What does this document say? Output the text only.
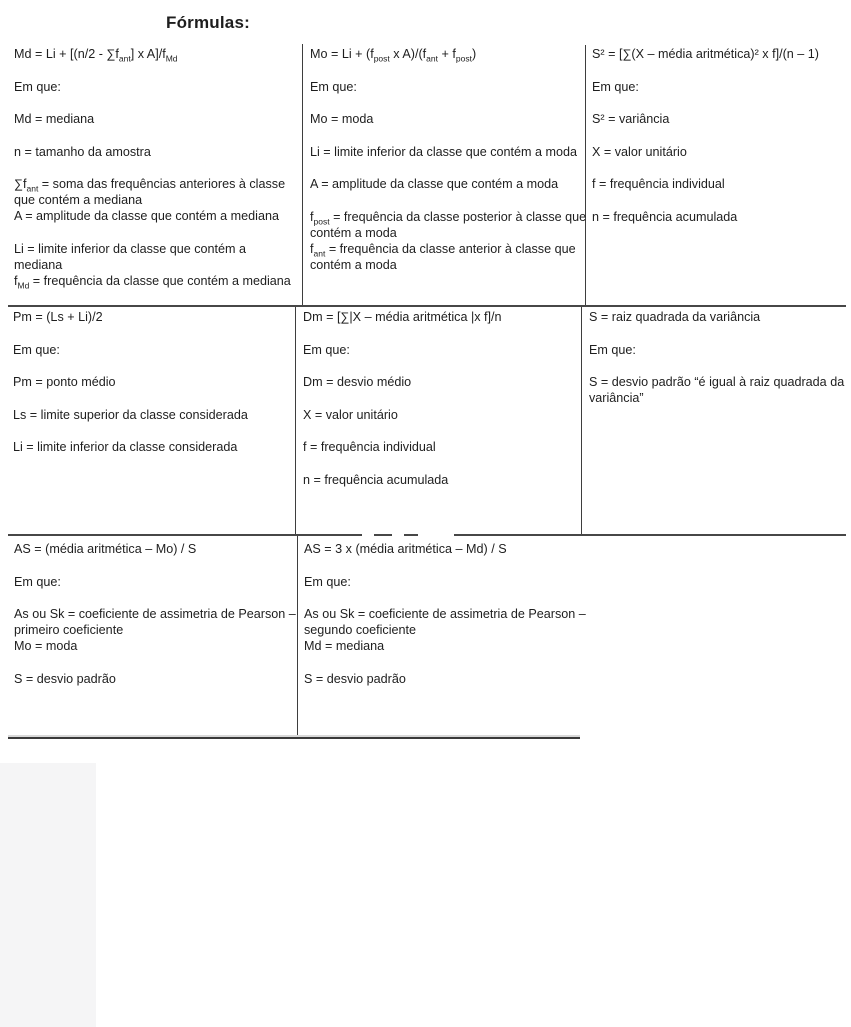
Fórmulas:
$Md = Li + [(n/2 - \sum f_{ant}]$ x $A]/f_{Md}$
Em que:
Md = mediana
n = tamanho da amostra
$\sum f_{ant}$ = soma das frequências anteriores à classe
que contém a mediana
A = amplitude da classe que contém a mediana
Li = limite inferior da classe que contém a
mediana
$f_{Md}$ = frequência da classe que contém a mediana
$Mo = Li + (f_{post}$ x $A)/(f_{ant} + f_{post})$
Em que:
Mo = moda
Li = limite inferior da classe que contém a moda
A = amplitude da classe que contém a moda
$f_{post}$ = frequência da classe posterior à classe que
contém a moda
$f_{ant}$ = frequência da classe anterior à classe que
contém a moda
S² = [∑(X – média aritmética)² x f]/(n – 1)
Em que:
S² = variância
X = valor unitário
f = frequência individual
n = frequência acumulada
Pm = (Ls + Li)/2
Em que:
Pm = ponto médio
Ls = limite superior da classe considerada
Li = limite inferior da classe considerada
Dm = [∑|X – média aritmética |x f]/n
Em que:
Dm = desvio médio
X = valor unitário
f = frequência individual
n = frequência acumulada
S = raiz quadrada da variância
Em que:
S = desvio padrão “é igual à raiz quadrada da
variância”
AS = (média aritmética – Mo) / S
Em que:
As ou Sk = coeficiente de assimetria de Pearson –
primeiro coeficiente
Mo = moda
S = desvio padrão
AS = 3 x (média aritmética – Md) / S
Em que:
As ou Sk = coeficiente de assimetria de Pearson –
segundo coeficiente
Md = mediana
S = desvio padrão
